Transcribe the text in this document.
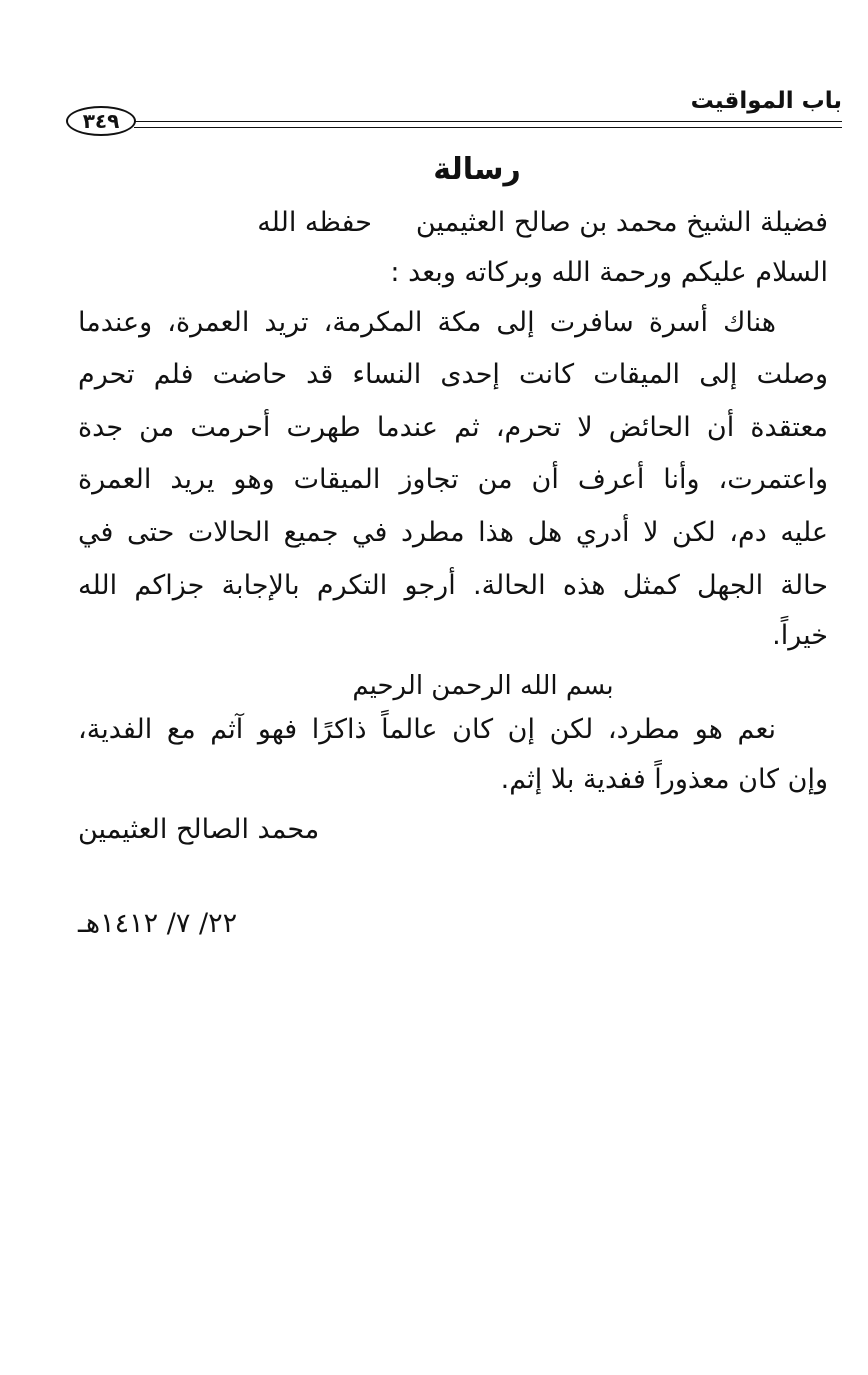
باب المواقيت
٣٤٩
رسالة
فضيلة الشيخ محمد بن صالح العثيمينحفظه الله
السلام عليكم ورحمة الله وبركاته وبعد :
هناك أسرة سافرت إلى مكة المكرمة، تريد العمرة، وعندما
وصلت إلى الميقات كانت إحدى النساء قد حاضت فلم تحرم
معتقدة أن الحائض لا تحرم، ثم عندما طهرت أحرمت من جدة
واعتمرت، وأنا أعرف أن من تجاوز الميقات وهو يريد العمرة
عليه دم، لكن لا أدري هل هذا مطرد في جميع الحالات حتى في
حالة الجهل كمثل هذه الحالة. أرجو التكرم بالإجابة جزاكم الله
خيراً.
بسم الله الرحمن الرحيم
نعم هو مطرد، لكن إن كان عالماً ذاكرًا فهو آثم مع الفدية،
وإن كان معذوراً ففدية بلا إثم.
محمد الصالح العثيمين
٢٢/ ٧/ ١٤١٢هـ
